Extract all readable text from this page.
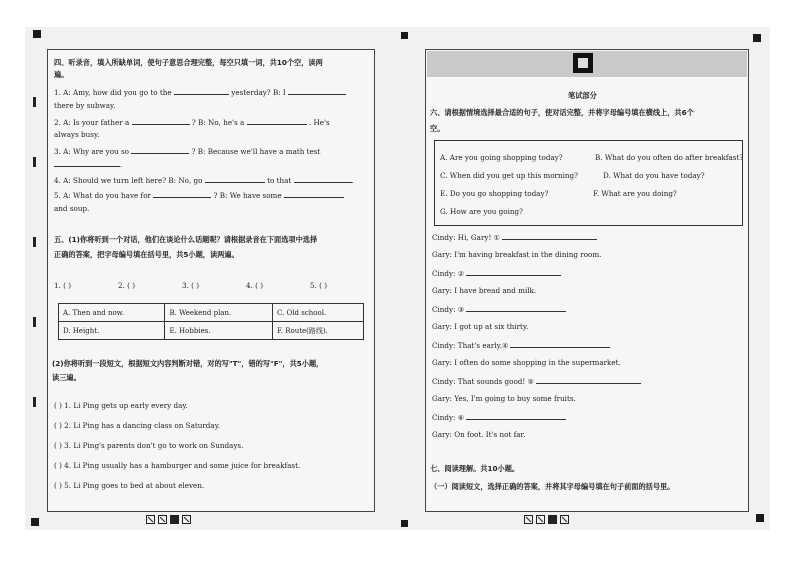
四、听录音，填入所缺单词，使句子意思合理完整，每空只填一词，共10个空，读两
遍。
1. A: Amy, how did you go to the	yesterday? B: I
there by subway.
2. A: Is your father a	? B: No, he's a	. He's
always busy.
3. A: Why are you so	? B: Because we'll have a math test
.
4. A: Should we turn left here? B: No, go	to that	.
5. A: What do you have for	? B: We have some
and soup.
五、(1)你将听到一个对话，他们在谈论什么话题呢？请根据录音在下面选项中选择
正确的答案，把字母编号填在括号里，共5小题，读两遍。
1. ( )	2. ( )	3. ( )	4. ( )	5. ( )
A. Then and now.	B. Weekend plan.	C. Old school.
D. Height.	E. Hobbies.	F. Route(路线).
(2)你将听到一段短文，根据短文内容判断对错，对的写"T"，错的写"F"，共5小题，
读三遍。
( ) 1. Li Ping gets up early every day.
( ) 2. Li Ping has a dancing class on Saturday.
( ) 3. Li Ping's parents don't go to work on Sundays.
( ) 4. Li Ping usually has a hamburger and some juice for breakfast.
( ) 5. Li Ping goes to bed at about eleven.
笔试部分
六、请根据情境选择最合适的句子，使对话完整，并将字母编号填在横线上，共6个
空。
A. Are you going shopping today?	B. What do you often do after breakfast?
C. When did you get up this morning?	D. What do you have today?
E. Do you go shopping today?	F. What are you doing?
G. How are you going?
Cindy: Hi, Gary! ①
Gary: I'm having breakfast in the dining room.
Cindy: ②
Gary: I have bread and milk.
Cindy: ③
Gary: I got up at six thirty.
Cindy: That's early.④
Gary: I often do some shopping in the supermarket.
Cindy: That sounds good! ⑤
Gary: Yes, I'm going to buy some fruits.
Cindy: ⑥
Gary: On foot. It's not far.
七、阅读理解。共10小题。
（一）阅读短文，选择正确的答案，并将其字母编号填在句子前面的括号里。
